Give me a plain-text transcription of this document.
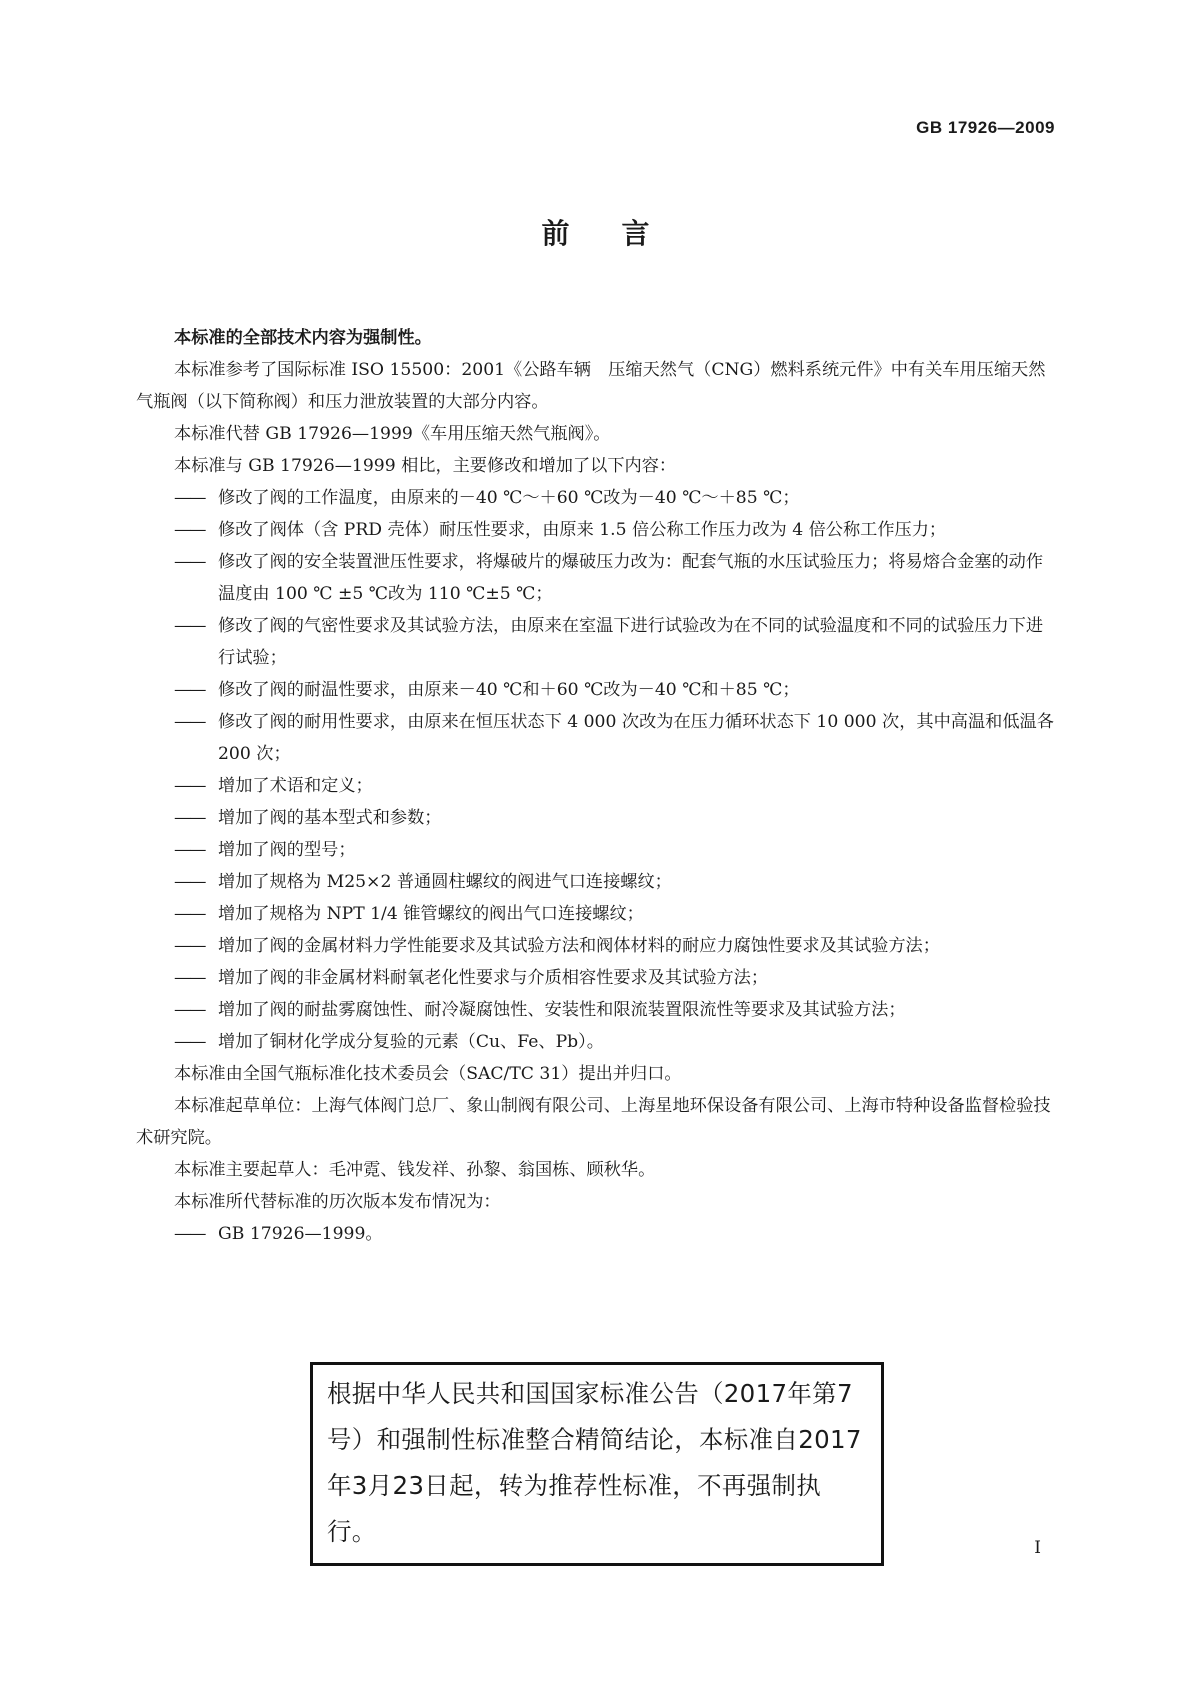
GB 17926—2009
前言

本标准的全部技术内容为强制性。

本标准参考了国际标准 ISO 15500：2001《公路车辆　压缩天然气（CNG）燃料系统元件》中有关车用压缩天然气瓶阀（以下简称阀）和压力泄放装置的大部分内容。

本标准代替 GB 17926—1999《车用压缩天然气瓶阀》。

本标准与 GB 17926—1999 相比，主要修改和增加了以下内容：

—— 修改了阀的工作温度，由原来的－40 ℃～＋60 ℃改为－40 ℃～＋85 ℃；

—— 修改了阀体（含 PRD 壳体）耐压性要求，由原来 1.5 倍公称工作压力改为 4 倍公称工作压力；

—— 修改了阀的安全装置泄压性要求，将爆破片的爆破压力改为：配套气瓶的水压试验压力；将易熔合金塞的动作温度由 100 ℃ ±5 ℃改为 110 ℃±5 ℃；

—— 修改了阀的气密性要求及其试验方法，由原来在室温下进行试验改为在不同的试验温度和不同的试验压力下进行试验；

—— 修改了阀的耐温性要求，由原来－40 ℃和＋60 ℃改为－40 ℃和＋85 ℃；

—— 修改了阀的耐用性要求，由原来在恒压状态下 4 000 次改为在压力循环状态下 10 000 次，其中高温和低温各 200 次；

—— 增加了术语和定义；

—— 增加了阀的基本型式和参数；

—— 增加了阀的型号；

—— 增加了规格为 M25×2 普通圆柱螺纹的阀进气口连接螺纹；

—— 增加了规格为 NPT 1/4 锥管螺纹的阀出气口连接螺纹；

—— 增加了阀的金属材料力学性能要求及其试验方法和阀体材料的耐应力腐蚀性要求及其试验方法；

—— 增加了阀的非金属材料耐氧老化性要求与介质相容性要求及其试验方法；

—— 增加了阀的耐盐雾腐蚀性、耐冷凝腐蚀性、安装性和限流装置限流性等要求及其试验方法；

—— 增加了铜材化学成分复验的元素（Cu、Fe、Pb）。

本标准由全国气瓶标准化技术委员会（SAC/TC 31）提出并归口。

本标准起草单位：上海气体阀门总厂、象山制阀有限公司、上海星地环保设备有限公司、上海市特种设备监督检验技术研究院。

本标准主要起草人：毛冲霓、钱发祥、孙黎、翁国栋、顾秋华。

本标准所代替标准的历次版本发布情况为：

—— GB 17926—1999。

根据中华人民共和国国家标准公告（2017年第7号）和强制性标准整合精简结论，本标准自2017年3月23日起，转为推荐性标准，不再强制执行。
I
